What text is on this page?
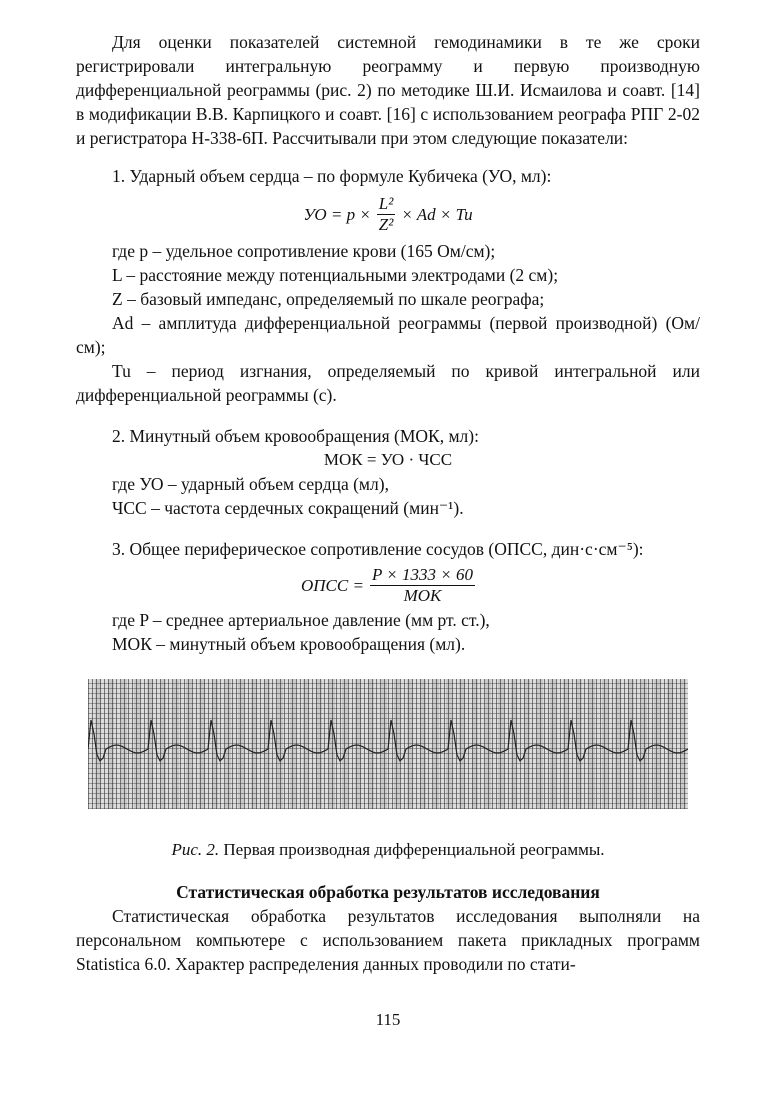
Для оценки показателей системной гемодинамики в те же сроки регистрировали интегральную реограмму и первую производную дифференциальной реограммы (рис. 2) по методике Ш.И. Исмаилова и соавт. [14] в модификации В.В. Карпицкого и соавт. [16] с использованием реографа РПГ 2-02 и регистратора Н-338-6П. Рассчитывали при этом следующие показатели:

1. Ударный объем сердца – по формуле Кубичека (УО, мл):

УО = $p \times \frac{\text{L²}}{\text{Z²}} \times Ad \times Tu$

где p – удельное сопротивление крови (165 Ом/см);

L – расстояние между потенциальными электродами (2 см);

Z – базовый импеданс, определяемый по шкале реографа;

Ad – амплитуда дифференциальной реограммы (первой производной) (Ом/см);

Tu – период изгнания, определяемый по кривой интегральной или дифференциальной реограммы (с).

2. Минутный объем кровообращения (МОК, мл):

МОК = УО · ЧСС

где УО – ударный объем сердца (мл),

ЧСС – частота сердечных сокращений (мин⁻¹).

3. Общее периферическое сопротивление сосудов (ОПСС, дин·с·см⁻⁵):

ОПСС = $\frac{P \times 1333 \times 60}{\text{МОК}}$

где P – среднее артериальное давление (мм рт. ст.),

МОК – минутный объем кровообращения (мл).

Рис. 2. Первая производная дифференциальной реограммы.

Статистическая обработка результатов исследования

Статистическая обработка результатов исследования выполняли на персональном компьютере с использованием пакета прикладных программ Statistica 6.0. Характер распределения данных проводили по стати-

115
